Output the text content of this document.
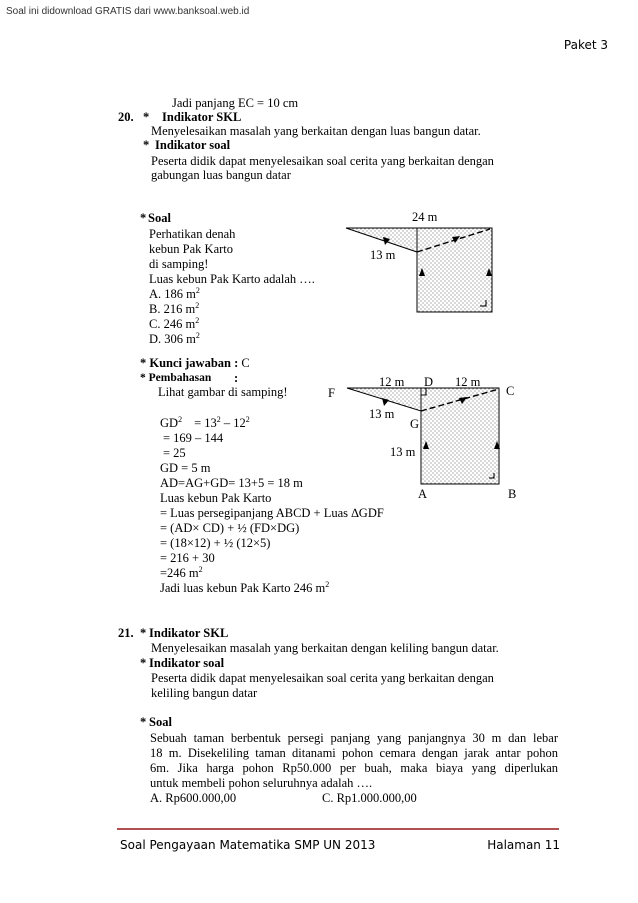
Soal ini didownload GRATIS dari www.banksoal.web.id
Paket 3
Jadi panjang EC = 10 cm
20. * Indikator SKL
Menyelesaikan masalah yang berkaitan dengan luas bangun datar.
* Indikator soal
Peserta didik dapat menyelesaikan soal cerita yang berkaitan dengan
gabungan luas bangun datar
* Soal
Perhatikan denah
kebun Pak Karto
di samping!
Luas kebun Pak Karto adalah ….
A. 186 $m^2$
B. 216 $m^2$
C. 246 $m^2$
D. 306 $m^2$
24 m
13 m
* Kunci jawaban : C
* Pembahasan :
Lihat gambar di samping!
$GD^2 = 13^2 - 12^2$
= 169 – 144
= 25
GD = 5 m
AD=AG+GD= 13+5 = 18 m
Luas kebun Pak Karto
= Luas persegipanjang ABCD + Luas ∆GDF
= (AD× CD) + ½ (FD×DG)
= (18×12) + ½ (12×5)
= 216 + 30
=246 $m^2$
Jadi luas kebun Pak Karto 246 $m^2$
F
D
C
G
A	B
12 m	12 m
13 m
13 m
21. * Indikator SKL
Menyelesaikan masalah yang berkaitan dengan keliling bangun datar.
* Indikator soal
Peserta didik dapat menyelesaikan soal cerita yang berkaitan dengan
keliling bangun datar
* Soal
Sebuah taman berbentuk persegi panjang yang panjangnya 30 m dan lebar
18 m. Disekeliling taman ditanami pohon cemara dengan jarak antar pohon
6m. Jika harga pohon Rp50.000 per buah, maka biaya yang diperlukan
untuk membeli pohon seluruhnya adalah ….
A. Rp600.000,00	C. Rp1.000.000,00
Soal Pengayaan Matematika SMP UN 2013	Halaman 11
